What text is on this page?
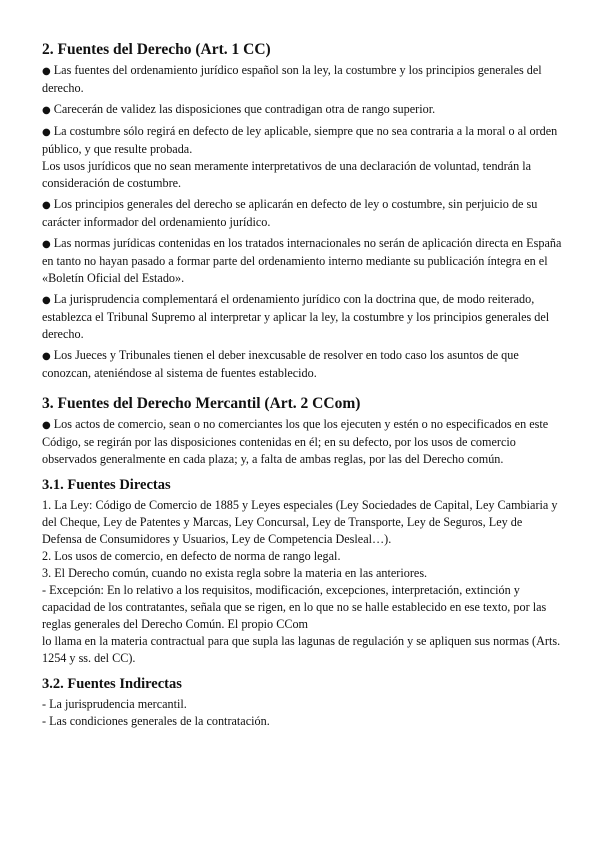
2. Fuentes del Derecho (Art. 1 CC)

● Las fuentes del ordenamiento jurídico español son la ley, la costumbre y los principios generales del derecho.

● Carecerán de validez las disposiciones que contradigan otra de rango superior.

● La costumbre sólo regirá en defecto de ley aplicable, siempre que no sea contraria a la moral o al orden público, y que resulte probada.

Los usos jurídicos que no sean meramente interpretativos de una declaración de voluntad, tendrán la consideración de costumbre.

● Los principios generales del derecho se aplicarán en defecto de ley o costumbre, sin perjuicio de su carácter informador del ordenamiento jurídico.

● Las normas jurídicas contenidas en los tratados internacionales no serán de aplicación directa en España en tanto no hayan pasado a formar parte del ordenamiento interno mediante su publicación íntegra en el «Boletín Oficial del Estado».

● La jurisprudencia complementará el ordenamiento jurídico con la doctrina que, de modo reiterado, establezca el Tribunal Supremo al interpretar y aplicar la ley, la costumbre y los principios generales del derecho.

● Los Jueces y Tribunales tienen el deber inexcusable de resolver en todo caso los asuntos de que conozcan, ateniéndose al sistema de fuentes establecido.

3. Fuentes del Derecho Mercantil (Art. 2 CCom)

● Los actos de comercio, sean o no comerciantes los que los ejecuten y estén o no especificados en este Código, se regirán por las disposiciones contenidas en él; en su defecto, por los usos de comercio observados generalmente en cada plaza; y, a falta de ambas reglas, por las del Derecho común.

3.1. Fuentes Directas

1. La Ley: Código de Comercio de 1885 y Leyes especiales (Ley Sociedades de Capital, Ley Cambiaria y del Cheque, Ley de Patentes y Marcas, Ley Concursal, Ley de Transporte, Ley de Seguros, Ley de Defensa de Consumidores y Usuarios, Ley de Competencia Desleal…).

2. Los usos de comercio, en defecto de norma de rango legal.

3. El Derecho común, cuando no exista regla sobre la materia en las anteriores.

- Excepción: En lo relativo a los requisitos, modificación, excepciones, interpretación, extinción y capacidad de los contratantes, señala que se rigen, en lo que no se halle establecido en ese texto, por las reglas generales del Derecho Común. El propio CCom

lo llama en la materia contractual para que supla las lagunas de regulación y se apliquen sus normas (Arts. 1254 y ss. del CC).

3.2. Fuentes Indirectas

- La jurisprudencia mercantil.

- Las condiciones generales de la contratación.
